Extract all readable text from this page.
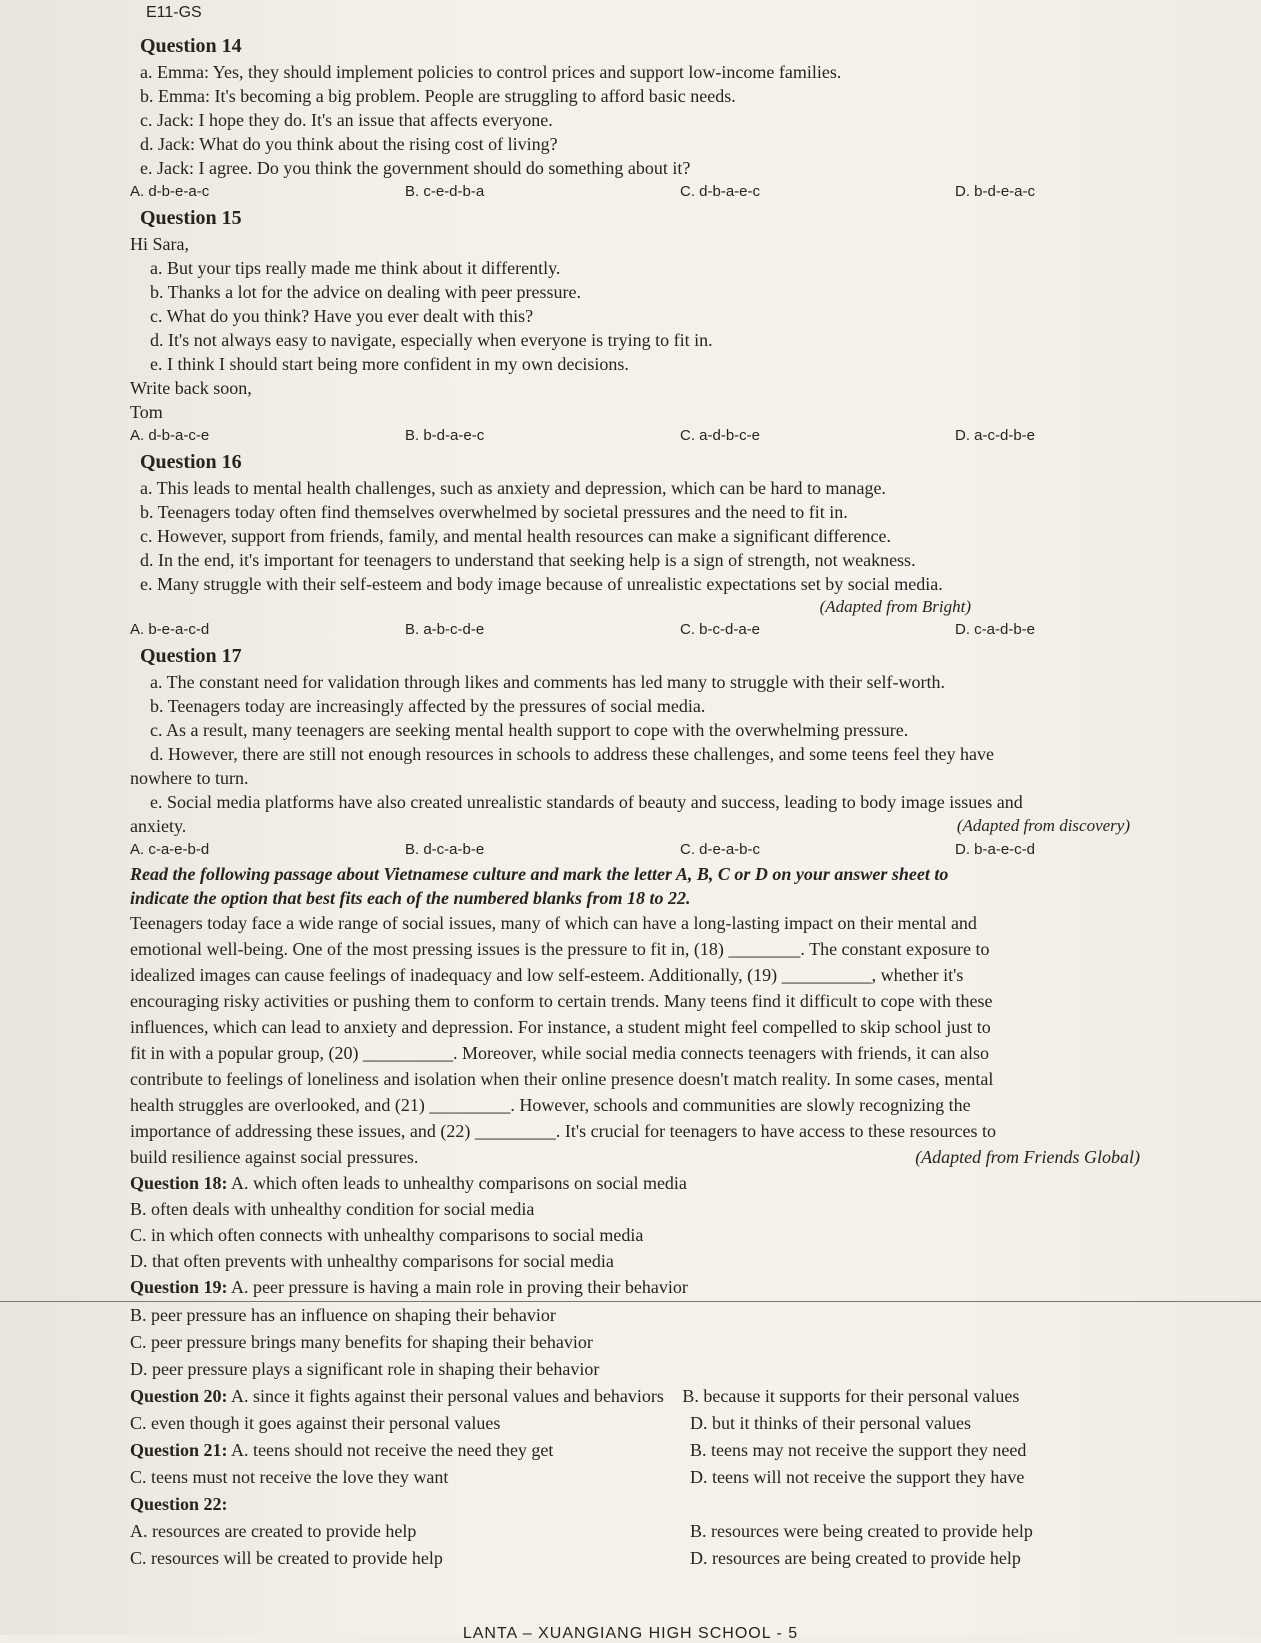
E11-GS
Question 14
a. Emma: Yes, they should implement policies to control prices and support low-income families.
b. Emma: It's becoming a big problem. People are struggling to afford basic needs.
c. Jack: I hope they do. It's an issue that affects everyone.
d. Jack: What do you think about the rising cost of living?
e. Jack: I agree. Do you think the government should do something about it?
A. d-b-e-a-c	B. c-e-d-b-a	C. d-b-a-e-c	D. b-d-e-a-c
Question 15
Hi Sara,
a. But your tips really made me think about it differently.
b. Thanks a lot for the advice on dealing with peer pressure.
c. What do you think? Have you ever dealt with this?
d. It's not always easy to navigate, especially when everyone is trying to fit in.
e. I think I should start being more confident in my own decisions.
Write back soon,
Tom
A. d-b-a-c-e	B. b-d-a-e-c	C. a-d-b-c-e	D. a-c-d-b-e
Question 16
a. This leads to mental health challenges, such as anxiety and depression, which can be hard to manage.
b. Teenagers today often find themselves overwhelmed by societal pressures and the need to fit in.
c. However, support from friends, family, and mental health resources can make a significant difference.
d. In the end, it's important for teenagers to understand that seeking help is a sign of strength, not weakness.
e. Many struggle with their self-esteem and body image because of unrealistic expectations set by social media.
(Adapted from Bright)
A. b-e-a-c-d	B. a-b-c-d-e	C. b-c-d-a-e	D. c-a-d-b-e
Question 17
a. The constant need for validation through likes and comments has led many to struggle with their self-worth.
b. Teenagers today are increasingly affected by the pressures of social media.
c. As a result, many teenagers are seeking mental health support to cope with the overwhelming pressure.
d. However, there are still not enough resources in schools to address these challenges, and some teens feel they have
nowhere to turn.
e. Social media platforms have also created unrealistic standards of beauty and success, leading to body image issues and
anxiety.	(Adapted from discovery)
A. c-a-e-b-d	B. d-c-a-b-e	C. d-e-a-b-c	D. b-a-e-c-d
Read the following passage about Vietnamese culture and mark the letter A, B, C or D on your answer sheet to
indicate the option that best fits each of the numbered blanks from 18 to 22.
Teenagers today face a wide range of social issues, many of which can have a long-lasting impact on their mental and
emotional well-being. One of the most pressing issues is the pressure to fit in, (18) ________. The constant exposure to
idealized images can cause feelings of inadequacy and low self-esteem. Additionally, (19) __________, whether it's
encouraging risky activities or pushing them to conform to certain trends. Many teens find it difficult to cope with these
influences, which can lead to anxiety and depression. For instance, a student might feel compelled to skip school just to
fit in with a popular group, (20) __________. Moreover, while social media connects teenagers with friends, it can also
contribute to feelings of loneliness and isolation when their online presence doesn't match reality. In some cases, mental
health struggles are overlooked, and (21) _________. However, schools and communities are slowly recognizing the
importance of addressing these issues, and (22) _________. It's crucial for teenagers to have access to these resources to
build resilience against social pressures.	(Adapted from Friends Global)
Question 18: A. which often leads to unhealthy comparisons on social media
B. often deals with unhealthy condition for social media
C. in which often connects with unhealthy comparisons to social media
D. that often prevents with unhealthy comparisons for social media
Question 19: A. peer pressure is having a main role in proving their behavior
B. peer pressure has an influence on shaping their behavior
C. peer pressure brings many benefits for shaping their behavior
D. peer pressure plays a significant role in shaping their behavior
Question 20: A. since it fights against their personal values and behaviors B. because it supports for their personal values
C. even though it goes against their personal values	D. but it thinks of their personal values
Question 21: A. teens should not receive the need they get	B. teens may not receive the support they need
C. teens must not receive the love they want	D. teens will not receive the support they have
Question 22:
A. resources are created to provide help	B. resources were being created to provide help
C. resources will be created to provide help	D. resources are being created to provide help
LANTA – XUANGIANG HIGH SCHOOL - 5
